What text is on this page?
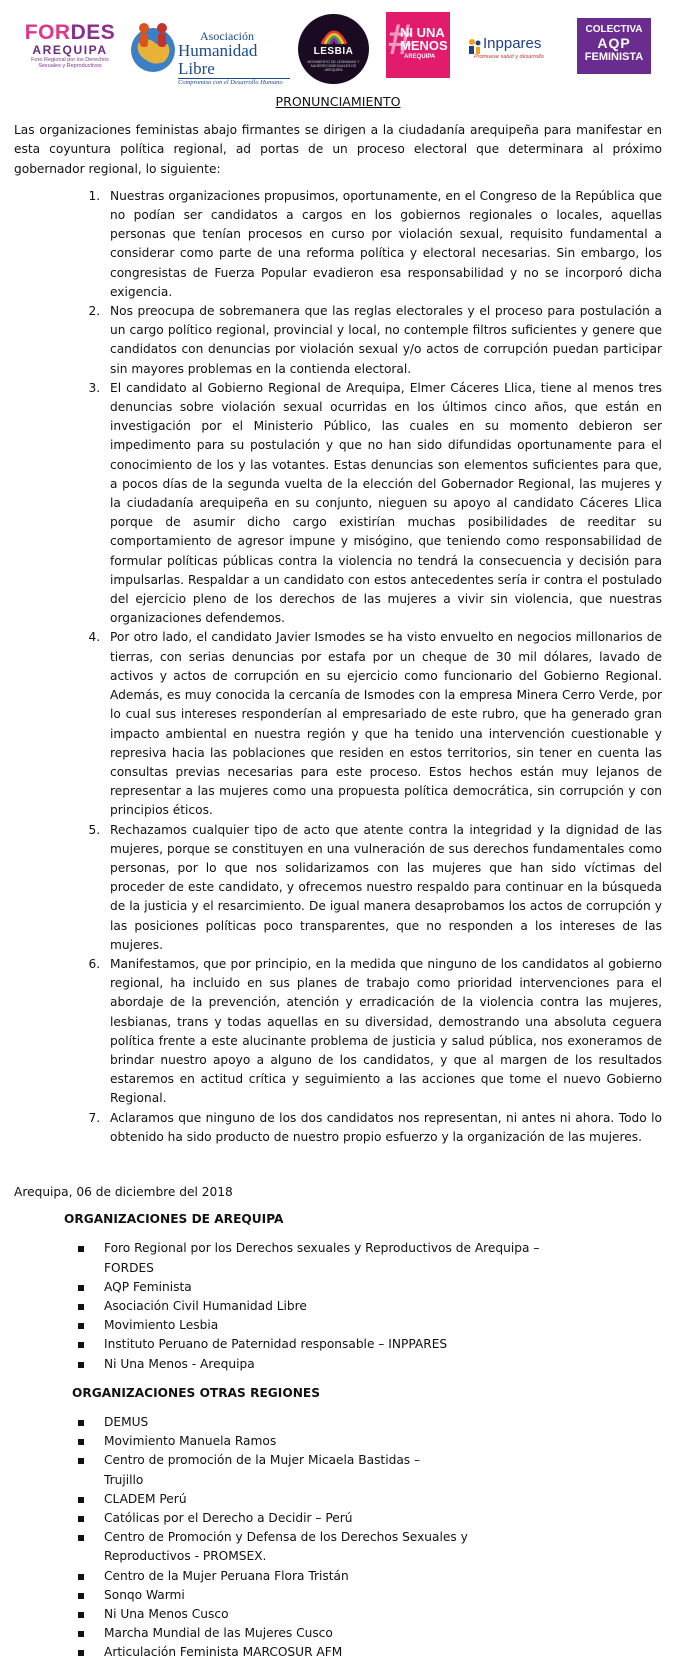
FORDES
AREQUIPA
Foro Regional por los Derechos Sexuales y Reproductivos
Asociación
Humanidad Libre
Compromiso con el Desarrollo Humano
LESBIA
MOVIMIENTO DE LESBIANAS Y MUJERES BISEXUALES DE AREQUIPA
#
NI UNA
MENOS
AREQUIPA
Inppares
Promueve salud y desarrollo
COLECTIVA
AQP
FEMINISTA
PRONUNCIAMIENTO

Las organizaciones feministas abajo firmantes se dirigen a la ciudadanía arequipeña para manifestar en esta coyuntura política regional, ad portas de un proceso electoral que determinara al próximo gobernador regional, lo siguiente:

1. Nuestras organizaciones propusimos, oportunamente, en el Congreso de la República que no podían ser candidatos a cargos en los gobiernos regionales o locales, aquellas personas que tenían procesos en curso por violación sexual, requisito fundamental a considerar como parte de una reforma política y electoral necesarias. Sin embargo, los congresistas de Fuerza Popular evadieron esa responsabilidad y no se incorporó dicha exigencia.
2. Nos preocupa de sobremanera que las reglas electorales y el proceso para postulación a un cargo político regional, provincial y local, no contemple filtros suficientes y genere que candidatos con denuncias por violación sexual y/o actos de corrupción puedan participar sin mayores problemas en la contienda electoral.
3. El candidato al Gobierno Regional de Arequipa, Elmer Cáceres Llica, tiene al menos tres denuncias sobre violación sexual ocurridas en los últimos cinco años, que están en investigación por el Ministerio Público, las cuales en su momento debieron ser impedimento para su postulación y que no han sido difundidas oportunamente para el conocimiento de los y las votantes. Estas denuncias son elementos suficientes para que, a pocos días de la segunda vuelta de la elección del Gobernador Regional, las mujeres y la ciudadanía arequipeña en su conjunto, nieguen su apoyo al candidato Cáceres Llica porque de asumir dicho cargo existirían muchas posibilidades de reeditar su comportamiento de agresor impune y misógino, que teniendo como responsabilidad de formular políticas públicas contra la violencia no tendrá la consecuencia y decisión para impulsarlas. Respaldar a un candidato con estos antecedentes sería ir contra el postulado del ejercicio pleno de los derechos de las mujeres a vivir sin violencia, que nuestras organizaciones defendemos.
4. Por otro lado, el candidato Javier Ismodes se ha visto envuelto en negocios millonarios de tierras, con serias denuncias por estafa por un cheque de 30 mil dólares, lavado de activos y actos de corrupción en su ejercicio como funcionario del Gobierno Regional. Además, es muy conocida la cercanía de Ismodes con la empresa Minera Cerro Verde, por lo cual sus intereses responderían al empresariado de este rubro, que ha generado gran impacto ambiental en nuestra región y que ha tenido una intervención cuestionable y represiva hacia las poblaciones que residen en estos territorios, sin tener en cuenta las consultas previas necesarias para este proceso. Estos hechos están muy lejanos de representar a las mujeres como una propuesta política democrática, sin corrupción y con principios éticos.
5. Rechazamos cualquier tipo de acto que atente contra la integridad y la dignidad de las mujeres, porque se constituyen en una vulneración de sus derechos fundamentales como personas, por lo que nos solidarizamos con las mujeres que han sido víctimas del proceder de este candidato, y ofrecemos nuestro respaldo para continuar en la búsqueda de la justicia y el resarcimiento. De igual manera desaprobamos los actos de corrupción y las posiciones políticas poco transparentes, que no responden a los intereses de las mujeres.
6. Manifestamos, que por principio, en la medida que ninguno de los candidatos al gobierno regional, ha incluido en sus planes de trabajo como prioridad intervenciones para el abordaje de la prevención, atención y erradicación de la violencia contra las mujeres, lesbianas, trans y todas aquellas en su diversidad, demostrando una absoluta ceguera política frente a este alucinante problema de justicia y salud pública, nos exoneramos de brindar nuestro apoyo a alguno de los candidatos, y que al margen de los resultados estaremos en actitud crítica y seguimiento a las acciones que tome el nuevo Gobierno Regional.
7. Aclaramos que ninguno de los dos candidatos nos representan, ni antes ni ahora. Todo lo obtenido ha sido producto de nuestro propio esfuerzo y la organización de las mujeres.
Arequipa, 06 de diciembre del 2018
ORGANIZACIONES DE AREQUIPA
Foro Regional por los Derechos sexuales y Reproductivos de Arequipa – FORDES
AQP Feminista
Asociación Civil Humanidad Libre
Movimiento Lesbia
Instituto Peruano de Paternidad responsable – INPPARES
Ni Una Menos - Arequipa
ORGANIZACIONES OTRAS REGIONES
DEMUS
Movimiento Manuela Ramos
Centro de promoción de la Mujer Micaela Bastidas – Trujillo
CLADEM Perú
Católicas por el Derecho a Decidir – Perú
Centro de Promoción y Defensa de los Derechos Sexuales y Reproductivos - PROMSEX.
Centro de la Mujer Peruana Flora Tristán
Sonqo Warmi
Ni Una Menos Cusco
Marcha Mundial de las Mujeres Cusco
Articulación Feminista MARCOSUR AFM
